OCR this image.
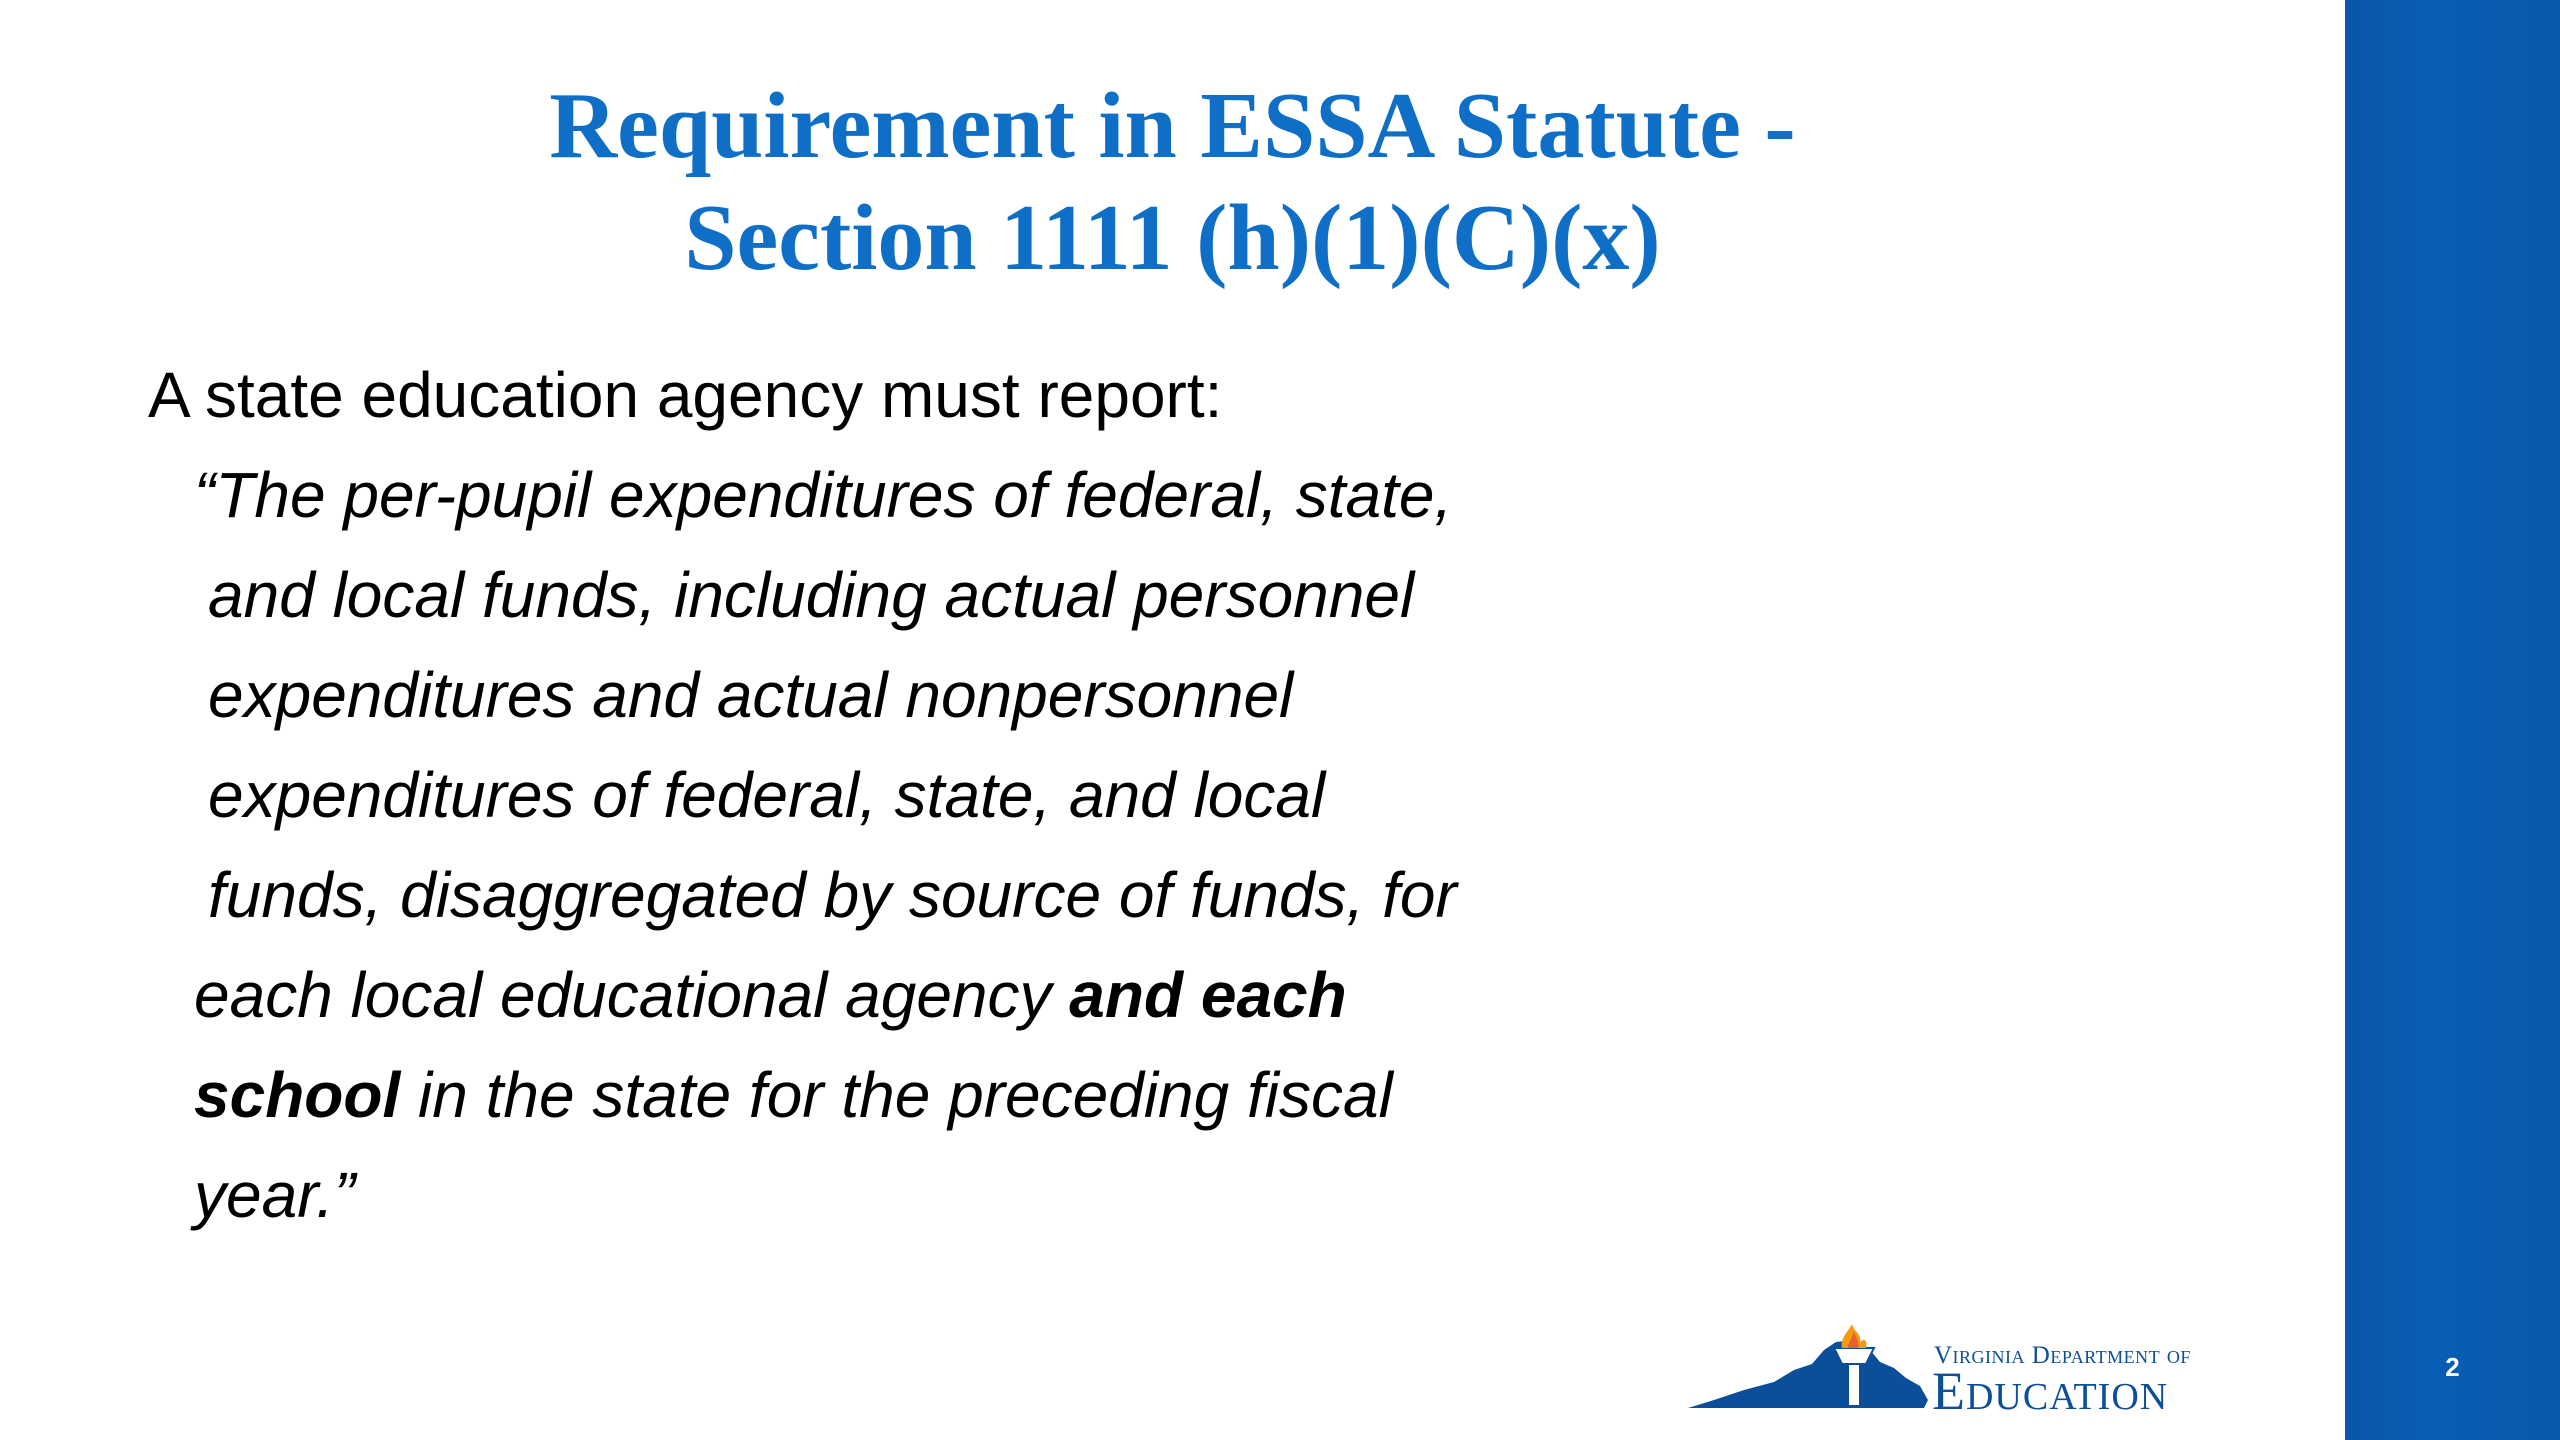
Requirement in ESSA Statute -
Section 1111 (h)(1)(C)(x)

A state education agency must report:

“The per-pupil expenditures of federal, state,
and local funds, including actual personnel
expenditures and actual nonpersonnel
expenditures of federal, state, and local
funds, disaggregated by source of funds, for
each local educational agency and each
school in the state for the preceding fiscal
year.”

Virginia Department of
Education	2
